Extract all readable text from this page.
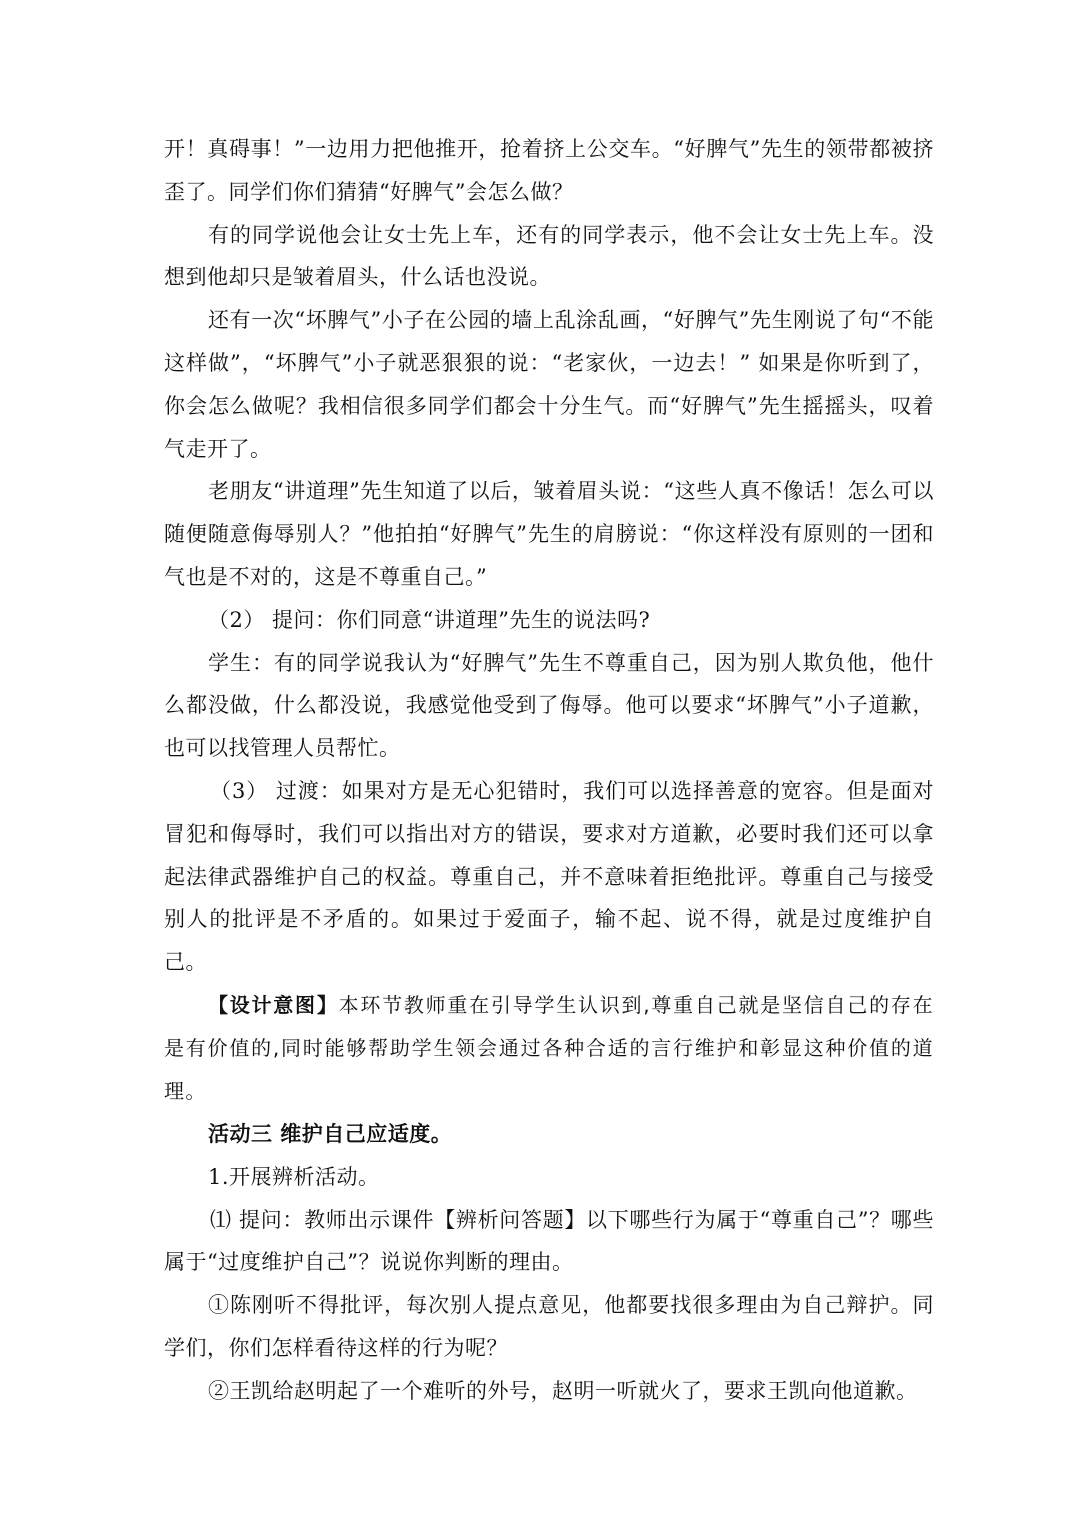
开！真碍事！”一边用力把他推开，抢着挤上公交车。“好脾气”先生的领带都被挤歪了。同学们你们猜猜“好脾气”会怎么做？

有的同学说他会让女士先上车，还有的同学表示，他不会让女士先上车。没想到他却只是皱着眉头，什么话也没说。

还有一次“坏脾气”小子在公园的墙上乱涂乱画，“好脾气”先生刚说了句“不能这样做”，“坏脾气”小子就恶狠狠的说：“老家伙，一边去！” 如果是你听到了，你会怎么做呢？我相信很多同学们都会十分生气。而“好脾气”先生摇摇头，叹着气走开了。

老朋友“讲道理”先生知道了以后，皱着眉头说：“这些人真不像话！怎么可以随便随意侮辱别人？”他拍拍“好脾气”先生的肩膀说：“你这样没有原则的一团和气也是不对的，这是不尊重自己。”

（2） 提问：你们同意“讲道理”先生的说法吗?

学生：有的同学说我认为“好脾气”先生不尊重自己，因为别人欺负他，他什么都没做，什么都没说，我感觉他受到了侮辱。他可以要求“坏脾气”小子道歉，也可以找管理人员帮忙。

（3） 过渡：如果对方是无心犯错时，我们可以选择善意的宽容。但是面对冒犯和侮辱时，我们可以指出对方的错误，要求对方道歉，必要时我们还可以拿起法律武器维护自己的权益。尊重自己，并不意味着拒绝批评。尊重自己与接受别人的批评是不矛盾的。如果过于爱面子，输不起、说不得，就是过度维护自己。

【设计意图】本环节教师重在引导学生认识到,尊重自己就是坚信自己的存在是有价值的,同时能够帮助学生领会通过各种合适的言行维护和彰显这种价值的道理。

活动三 维护自己应适度。

1.开展辨析活动。

⑴ 提问：教师出示课件【辨析问答题】以下哪些行为属于“尊重自己”？哪些属于“过度维护自己”？说说你判断的理由。

①陈刚听不得批评，每次别人提点意见，他都要找很多理由为自己辩护。同学们，你们怎样看待这样的行为呢？

②王凯给赵明起了一个难听的外号，赵明一听就火了，要求王凯向他道歉。
